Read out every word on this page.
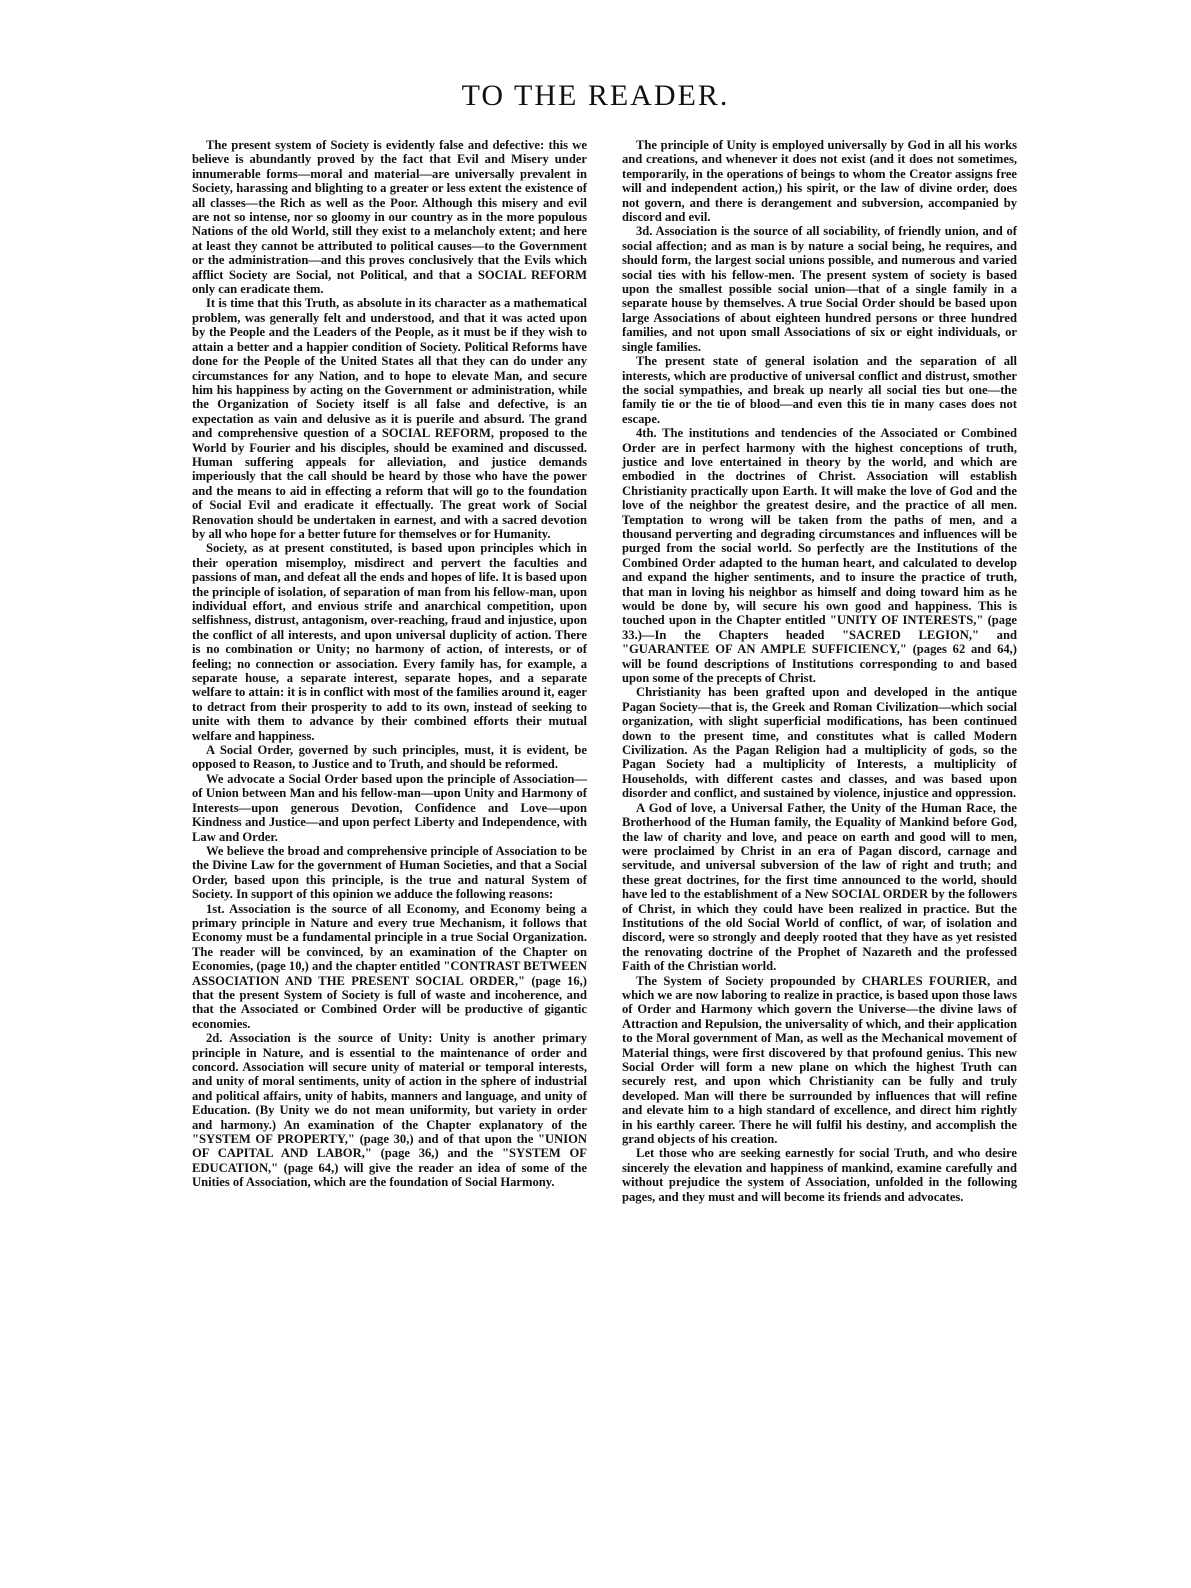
TO THE READER.

The present system of Society is evidently false and defective: this we believe is abundantly proved by the fact that Evil and Misery under innumerable forms—moral and material—are universally prevalent in Society, harassing and blighting to a greater or less extent the existence of all classes—the Rich as well as the Poor. Although this misery and evil are not so intense, nor so gloomy in our country as in the more populous Nations of the old World, still they exist to a melancholy extent; and here at least they cannot be attributed to political causes—to the Government or the administration—and this proves conclusively that the Evils which afflict Society are Social, not Political, and that a SOCIAL REFORM only can eradicate them.

It is time that this Truth, as absolute in its character as a mathematical problem, was generally felt and understood, and that it was acted upon by the People and the Leaders of the People, as it must be if they wish to attain a better and a happier condition of Society. Political Reforms have done for the People of the United States all that they can do under any circumstances for any Nation, and to hope to elevate Man, and secure him his happiness by acting on the Government or administration, while the Organization of Society itself is all false and defective, is an expectation as vain and delusive as it is puerile and absurd. The grand and comprehensive question of a SOCIAL REFORM, proposed to the World by Fourier and his disciples, should be examined and discussed. Human suffering appeals for alleviation, and justice demands imperiously that the call should be heard by those who have the power and the means to aid in effecting a reform that will go to the foundation of Social Evil and eradicate it effectually. The great work of Social Renovation should be undertaken in earnest, and with a sacred devotion by all who hope for a better future for themselves or for Humanity.

Society, as at present constituted, is based upon principles which in their operation misemploy, misdirect and pervert the faculties and passions of man, and defeat all the ends and hopes of life. It is based upon the principle of isolation, of separation of man from his fellow-man, upon individual effort, and envious strife and anarchical competition, upon selfishness, distrust, antagonism, over-reaching, fraud and injustice, upon the conflict of all interests, and upon universal duplicity of action. There is no combination or Unity; no harmony of action, of interests, or of feeling; no connection or association. Every family has, for example, a separate house, a separate interest, separate hopes, and a separate welfare to attain: it is in conflict with most of the families around it, eager to detract from their prosperity to add to its own, instead of seeking to unite with them to advance by their combined efforts their mutual welfare and happiness.

A Social Order, governed by such principles, must, it is evident, be opposed to Reason, to Justice and to Truth, and should be reformed.

We advocate a Social Order based upon the principle of Association—of Union between Man and his fellow-man—upon Unity and Harmony of Interests—upon generous Devotion, Confidence and Love—upon Kindness and Justice—and upon perfect Liberty and Independence, with Law and Order.

We believe the broad and comprehensive principle of Association to be the Divine Law for the government of Human Societies, and that a Social Order, based upon this principle, is the true and natural System of Society. In support of this opinion we adduce the following reasons:

1st. Association is the source of all Economy, and Economy being a primary principle in Nature and every true Mechanism, it follows that Economy must be a fundamental principle in a true Social Organization. The reader will be convinced, by an examination of the Chapter on Economies, (page 10,) and the chapter entitled "CONTRAST BETWEEN ASSOCIATION AND THE PRESENT SOCIAL ORDER," (page 16,) that the present System of Society is full of waste and incoherence, and that the Associated or Combined Order will be productive of gigantic economies.

2d. Association is the source of Unity: Unity is another primary principle in Nature, and is essential to the maintenance of order and concord. Association will secure unity of material or temporal interests, and unity of moral sentiments, unity of action in the sphere of industrial and political affairs, unity of habits, manners and language, and unity of Education. (By Unity we do not mean uniformity, but variety in order and harmony.) An examination of the Chapter explanatory of the "SYSTEM OF PROPERTY," (page 30,) and of that upon the "UNION OF CAPITAL AND LABOR," (page 36,) and the "SYSTEM OF EDUCATION," (page 64,) will give the reader an idea of some of the Unities of Association, which are the foundation of Social Harmony.

The principle of Unity is employed universally by God in all his works and creations, and whenever it does not exist (and it does not sometimes, temporarily, in the operations of beings to whom the Creator assigns free will and independent action,) his spirit, or the law of divine order, does not govern, and there is derangement and subversion, accompanied by discord and evil.

3d. Association is the source of all sociability, of friendly union, and of social affection; and as man is by nature a social being, he requires, and should form, the largest social unions possible, and numerous and varied social ties with his fellow-men. The present system of society is based upon the smallest possible social union—that of a single family in a separate house by themselves. A true Social Order should be based upon large Associations of about eighteen hundred persons or three hundred families, and not upon small Associations of six or eight individuals, or single families.

The present state of general isolation and the separation of all interests, which are productive of universal conflict and distrust, smother the social sympathies, and break up nearly all social ties but one—the family tie or the tie of blood—and even this tie in many cases does not escape.

4th. The institutions and tendencies of the Associated or Combined Order are in perfect harmony with the highest conceptions of truth, justice and love entertained in theory by the world, and which are embodied in the doctrines of Christ. Association will establish Christianity practically upon Earth. It will make the love of God and the love of the neighbor the greatest desire, and the practice of all men. Temptation to wrong will be taken from the paths of men, and a thousand perverting and degrading circumstances and influences will be purged from the social world. So perfectly are the Institutions of the Combined Order adapted to the human heart, and calculated to develop and expand the higher sentiments, and to insure the practice of truth, that man in loving his neighbor as himself and doing toward him as he would be done by, will secure his own good and happiness. This is touched upon in the Chapter entitled "UNITY OF INTERESTS," (page 33.)—In the Chapters headed "SACRED LEGION," and "GUARANTEE OF AN AMPLE SUFFICIENCY," (pages 62 and 64,) will be found descriptions of Institutions corresponding to and based upon some of the precepts of Christ.

Christianity has been grafted upon and developed in the antique Pagan Society—that is, the Greek and Roman Civilization—which social organization, with slight superficial modifications, has been continued down to the present time, and constitutes what is called Modern Civilization. As the Pagan Religion had a multiplicity of gods, so the Pagan Society had a multiplicity of Interests, a multiplicity of Households, with different castes and classes, and was based upon disorder and conflict, and sustained by violence, injustice and oppression.

A God of love, a Universal Father, the Unity of the Human Race, the Brotherhood of the Human family, the Equality of Mankind before God, the law of charity and love, and peace on earth and good will to men, were proclaimed by Christ in an era of Pagan discord, carnage and servitude, and universal subversion of the law of right and truth; and these great doctrines, for the first time announced to the world, should have led to the establishment of a New SOCIAL ORDER by the followers of Christ, in which they could have been realized in practice. But the Institutions of the old Social World of conflict, of war, of isolation and discord, were so strongly and deeply rooted that they have as yet resisted the renovating doctrine of the Prophet of Nazareth and the professed Faith of the Christian world.

The System of Society propounded by CHARLES FOURIER, and which we are now laboring to realize in practice, is based upon those laws of Order and Harmony which govern the Universe—the divine laws of Attraction and Repulsion, the universality of which, and their application to the Moral government of Man, as well as the Mechanical movement of Material things, were first discovered by that profound genius. This new Social Order will form a new plane on which the highest Truth can securely rest, and upon which Christianity can be fully and truly developed. Man will there be surrounded by influences that will refine and elevate him to a high standard of excellence, and direct him rightly in his earthly career. There he will fulfil his destiny, and accomplish the grand objects of his creation.

Let those who are seeking earnestly for social Truth, and who desire sincerely the elevation and happiness of mankind, examine carefully and without prejudice the system of Association, unfolded in the following pages, and they must and will become its friends and advocates.
